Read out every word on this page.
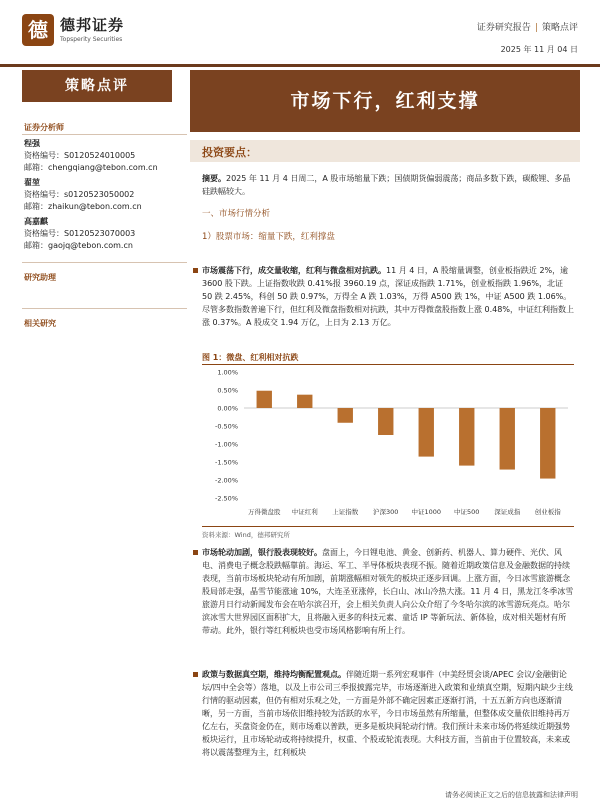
德 德邦证券
Topsperity Securities
证券研究报告 | 策略点评
2025 年 11 月 04 日
策略点评
证券分析师
程强
资格编号：S0120524010005
邮箱：chengqiang@tebon.com.cn
翟堃
资格编号：s0120523050002
邮箱：zhaikun@tebon.com.cn
高嘉麒
资格编号：S0120523070003
邮箱：gaojq@tebon.com.cn
研究助理
相关研究
市场下行，红利支撑
投资要点：
摘要。2025 年 11 月 4 日周二，A 股市场缩量下跌；国债期货偏弱震荡；商品多数下跌，碳酸锂、多晶硅跌幅较大。
一、市场行情分析
1）股票市场：缩量下跌，红利撑盘
市场震荡下行，成交量收缩，红利与微盘相对抗跌。11 月 4 日，A 股缩量调整，创业板指跌近 2%，逾 3600 股下跌。上证指数收跌 0.41%报 3960.19 点，深证成指跌 1.71%，创业板指跌 1.96%，北证 50 跌 2.45%，科创 50 跌 0.97%，万得全 A 跌 1.03%，万得 A500 跌 1%，中证 A500 跌 1.06%。尽管多数指数普遍下行，但红利及微盘指数相对抗跌，其中万得微盘股指数上涨 0.48%，中证红利指数上涨 0.37%。A 股成交 1.94 万亿，上日为 2.13 万亿。
图 1：微盘、红利相对抗跌
1.00%
0.50%
0.00%
-0.50%
-1.00%
-1.50%
-2.00%
-2.50%
万得微盘股 中证红利 上证指数 沪深300 中证1000 中证500 深证成指 创业板指
资料来源：Wind，德邦研究所
市场轮动加剧，银行股表现较好。盘面上，今日锂电池、黄金、创新药、机器人、算力硬件、光伏、风电、消费电子概念股跌幅靠前。海运、军工、半导体板块表现不振。随着近期政策信息及金融数据的持续表现，当前市场板块轮动有所加剧，前期涨幅相对领先的板块正逐步回调。上涨方面，今日冰雪旅游概念股局部走强，晶雪节能涨逾 10%，大连圣亚涨停，长白山、冰山冷热大涨。11 月 4 日，黑龙江冬季冰雪旅游月日行动新闻发布会在哈尔滨召开，会上相关负责人向公众介绍了今冬哈尔滨的冰雪游玩亮点。哈尔滨冰雪大世界园区面积扩大，且将融入更多的科技元素、童话 IP 等新玩法、新体验，成对相关题材有所带动。此外，银行等红利板块也受市场风格影响有所上行。
政策与数据真空期，维持均衡配置观点。伴随近期一系列宏观事件（中美经贸会谈/APEC 会议/金融街论坛/四中全会等）落地，以及上市公司三季报披露完毕，市场逐渐进入政策和业绩真空期，短期内缺少主线行情的驱动因素，但仍有相对乐观之处，一方面是外部不确定因素正逐渐打消，十五五新方向也逐渐清晰，另一方面，当前市场依旧维持较为活跃的水平，今日市场虽然有所缩量，但整体成交量依旧维持再万亿左右，买盘资金仍在，则市场难以普跌，更多是板块间轮动行情。我们预计未来市场仍将延续近期强势板块运行，且市场轮动或将持续提升，权重、个股或轮流表现。大科技方面，当前由于位置较高，未来或将以震荡整理为主，红利板块
请务必阅读正文之后的信息披露和法律声明
